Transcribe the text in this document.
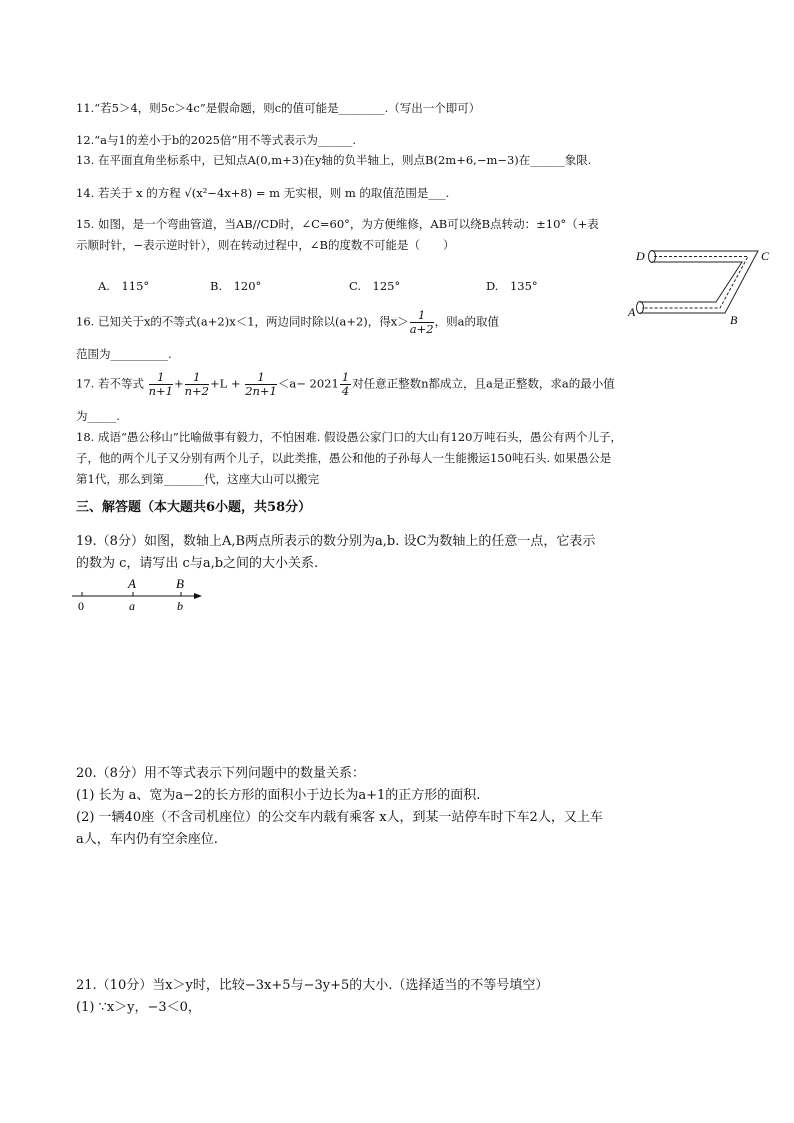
11.“若5＞4，则5c＞4c”是假命题，则c的值可能是________.（写出一个即可）
12.“a与1的差小于b的2025倍”用不等式表示为______.
13. 在平面直角坐标系中，已知点A(0,m+3)在y轴的负半轴上，则点B(2m+6,−m−3)在______象限.
14. 若关于 x 的方程 √(x²−4x+8) = m 无实根，则 m 的取值范围是___.
15. 如图，是一个弯曲管道，当AB//CD时，∠C=60°，为方便维修，AB可以绕B点转动：±10°（+表
示顺时针，−表示逆时针），则在转动过程中，∠B的度数不可能是（　　）
A.　115°	B.　120°	C.　125°	D.　135°
D	C
A
B
16. 已知关于x的不等式(a+2)x＜1，两边同时除以(a+2)，得$x> \frac{1}{a+2}$ ，则a的取值
范围为__________.
17. 若不等式 $\frac{1}{n+1} + \frac{1}{n+2} +L + \frac{1}{2n+1} <a- 2021 \frac{1}{4}$ 对任意正整数n都成立，且a是正整数，求a的最小值
为_____.
18. 成语“愚公移山”比喻做事有毅力，不怕困难. 假设愚公家门口的大山有120万吨石头，愚公有两个儿子，
子，他的两个儿子又分别有两个儿子，以此类推，愚公和他的子孙每人一生能搬运150吨石头. 如果愚公是
第1代，那么到第_______代，这座大山可以搬完
三、解答题（本大题共6小题，共58分）
19.（8分）如图，数轴上A,B两点所表示的数分别为a,b. 设C为数轴上的任意一点，它表示
的数为 c，请写出 c与a,b之间的大小关系.
A	B
0	a	b
20.（8分）用不等式表示下列问题中的数量关系：
(1) 长为 a、宽为a−2的长方形的面积小于边长为a+1的正方形的面积.
(2) 一辆40座（不含司机座位）的公交车内载有乘客 x人，到某一站停车时下车2人，又上车
a人，车内仍有空余座位.
21.（10分）当x＞y时，比较−3x+5与−3y+5的大小.（选择适当的不等号填空）
(1) ∵x＞y，−3＜0，
